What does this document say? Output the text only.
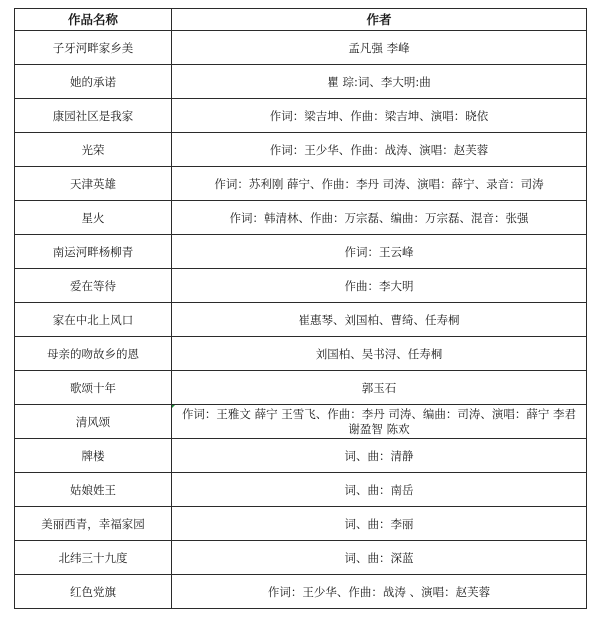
作品名称	作者
子牙河畔家乡美	孟凡强 李峰
她的承诺	瞿 琮:词、李大明:曲
康园社区是我家	作词：梁吉坤、作曲：梁吉坤、演唱：晓依
光荣	作词：王少华、作曲：战涛、演唱：赵芙蓉
天津英雄	作词：苏利刚 薛宁、作曲：李丹 司涛、演唱：薛宁、录音：司涛
星火	作词：韩清林、作曲：万宗磊、编曲：万宗磊、混音：张强
南运河畔杨柳青	作词：王云峰
爱在等待	作曲：李大明
家在中北上风口	崔惠琴、刘国柏、曹绮、任寿桐
母亲的吻故乡的恩	刘国柏、吴书浔、任寿桐
歌颂十年	郭玉石
清风颂	作词：王雅文 薛宁 王雪飞、作曲：李丹 司涛、编曲：司涛、演唱：薛宁 李君 谢盈智 陈欢
牌楼	词、曲：清静
姑娘姓王	词、曲：南岳
美丽西青，幸福家园	词、曲：李丽
北纬三十九度	词、曲：深蓝
红色党旗	作词：王少华、作曲：战涛 、演唱：赵芙蓉
